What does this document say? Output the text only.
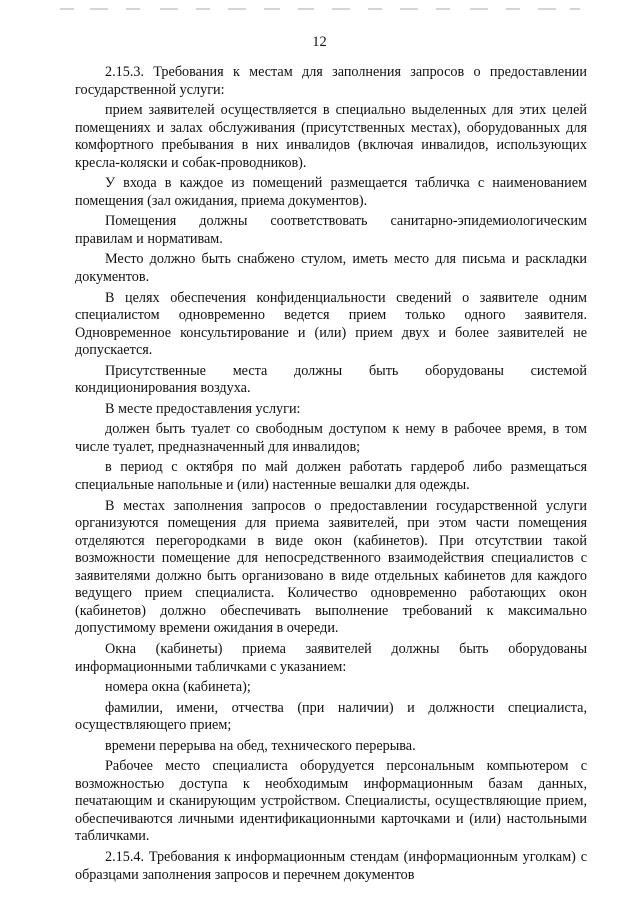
12

2.15.3. Требования к местам для заполнения запросов о предоставлении государственной услуги:

прием заявителей осуществляется в специально выделенных для этих целей помещениях и залах обслуживания (присутственных местах), оборудованных для комфортного пребывания в них инвалидов (включая инвалидов, использующих кресла-коляски и собак-проводников).

У входа в каждое из помещений размещается табличка с наименованием помещения (зал ожидания, приема документов).

Помещения должны соответствовать санитарно-эпидемиологическим правилам и нормативам.

Место должно быть снабжено стулом, иметь место для письма и раскладки документов.

В целях обеспечения конфиденциальности сведений о заявителе одним специалистом одновременно ведется прием только одного заявителя. Одновременное консультирование и (или) прием двух и более заявителей не допускается.

Присутственные места должны быть оборудованы системой кондиционирования воздуха.

В месте предоставления услуги:

должен быть туалет со свободным доступом к нему в рабочее время, в том числе туалет, предназначенный для инвалидов;

в период с октября по май должен работать гардероб либо размещаться специальные напольные и (или) настенные вешалки для одежды.

В местах заполнения запросов о предоставлении государственной услуги организуются помещения для приема заявителей, при этом части помещения отделяются перегородками в виде окон (кабинетов). При отсутствии такой возможности помещение для непосредственного взаимодействия специалистов с заявителями должно быть организовано в виде отдельных кабинетов для каждого ведущего прием специалиста. Количество одновременно работающих окон (кабинетов) должно обеспечивать выполнение требований к максимально допустимому времени ожидания в очереди.

Окна (кабинеты) приема заявителей должны быть оборудованы информационными табличками с указанием:

номера окна (кабинета);

фамилии, имени, отчества (при наличии) и должности специалиста, осуществляющего прием;

времени перерыва на обед, технического перерыва.

Рабочее место специалиста оборудуется персональным компьютером с возможностью доступа к необходимым информационным базам данных, печатающим и сканирующим устройством. Специалисты, осуществляющие прием, обеспечиваются личными идентификационными карточками и (или) настольными табличками.

2.15.4. Требования к информационным стендам (информационным уголкам) с образцами заполнения запросов и перечнем документов
